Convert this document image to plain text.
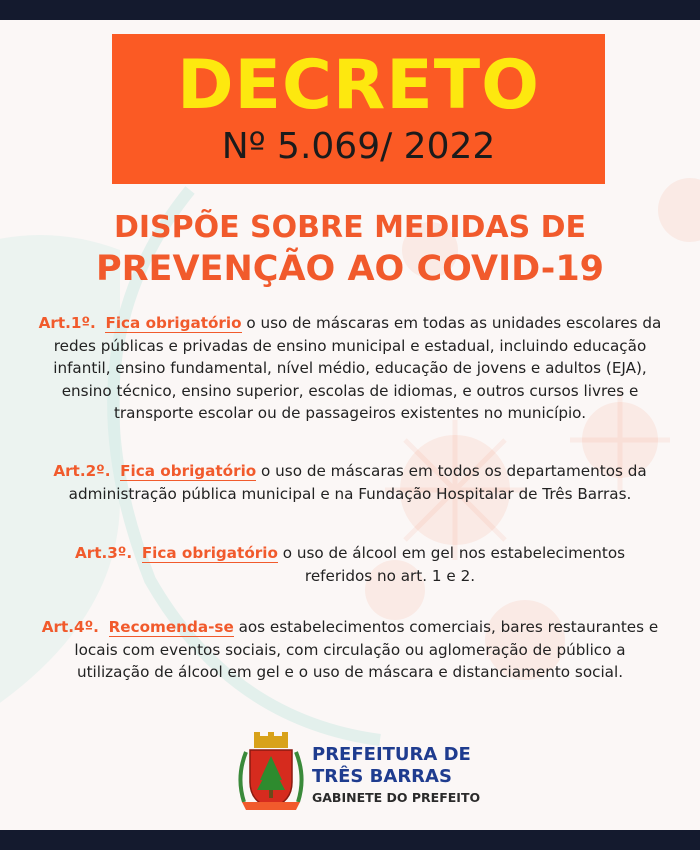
DECRETO
Nº 5.069/ 2022
DISPÕE SOBRE MEDIDAS DE
PREVENÇÃO AO COVID-19
Art.1º. Fica obrigatório o uso de máscaras em todas as unidades escolares da
redes públicas e privadas de ensino municipal e estadual, incluindo educação
infantil, ensino fundamental, nível médio, educação de jovens e adultos (EJA),
ensino técnico, ensino superior, escolas de idiomas, e outros cursos livres e
transporte escolar ou de passageiros existentes no município.
Art.2º. Fica obrigatório o uso de máscaras em todos os departamentos da
administração pública municipal e na Fundação Hospitalar de Três Barras.
Art.3º. Fica obrigatório o uso de álcool em gel nos estabelecimentos
referidos no art. 1 e 2.
Art.4º. Recomenda-se aos estabelecimentos comerciais, bares restaurantes e
locais com eventos sociais, com circulação ou aglomeração de público a
utilização de álcool em gel e o uso de máscara e distanciamento social.
PREFEITURA DE
TRÊS BARRAS
GABINETE DO PREFEITO
